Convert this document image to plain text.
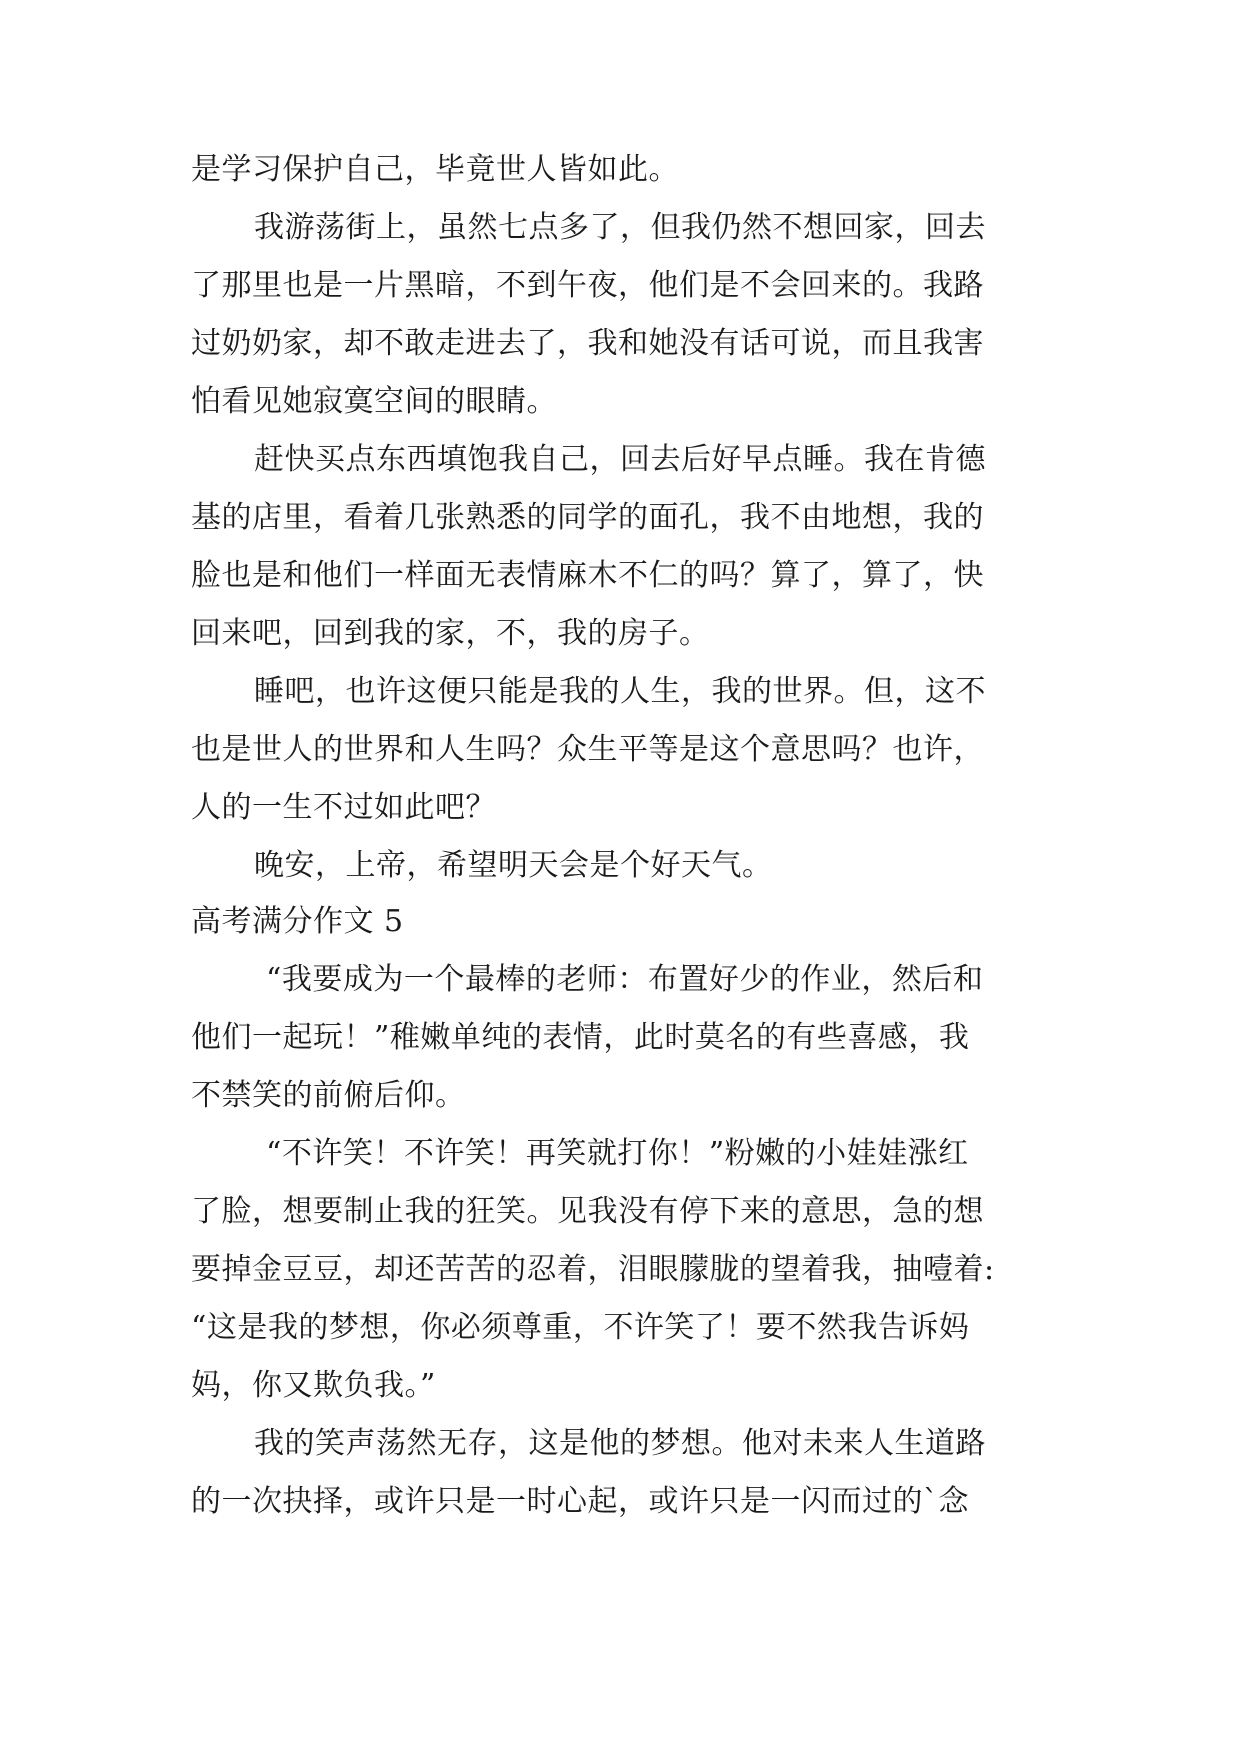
是学习保护自己，毕竟世人皆如此。
我游荡街上，虽然七点多了，但我仍然不想回家，回去
了那里也是一片黑暗，不到午夜，他们是不会回来的。我路
过奶奶家，却不敢走进去了，我和她没有话可说，而且我害
怕看见她寂寞空间的眼睛。
赶快买点东西填饱我自己，回去后好早点睡。我在肯德
基的店里，看着几张熟悉的同学的面孔，我不由地想，我的
脸也是和他们一样面无表情麻木不仁的吗？算了，算了，快
回来吧，回到我的家，不，我的房子。
睡吧，也许这便只能是我的人生，我的世界。但，这不
也是世人的世界和人生吗？众生平等是这个意思吗？也许，
人的一生不过如此吧？
晚安，上帝，希望明天会是个好天气。
高考满分作文 5
“我要成为一个最棒的老师：布置好少的作业，然后和
他们一起玩！”稚嫩单纯的表情，此时莫名的有些喜感，我
不禁笑的前俯后仰。
“不许笑！不许笑！再笑就打你！”粉嫩的小娃娃涨红
了脸，想要制止我的狂笑。见我没有停下来的意思，急的想
要掉金豆豆，却还苦苦的忍着，泪眼朦胧的望着我，抽噎着:
“这是我的梦想，你必须尊重，不许笑了！要不然我告诉妈
妈，你又欺负我。”
我的笑声荡然无存，这是他的梦想。他对未来人生道路
的一次抉择，或许只是一时心起，或许只是一闪而过的`念
